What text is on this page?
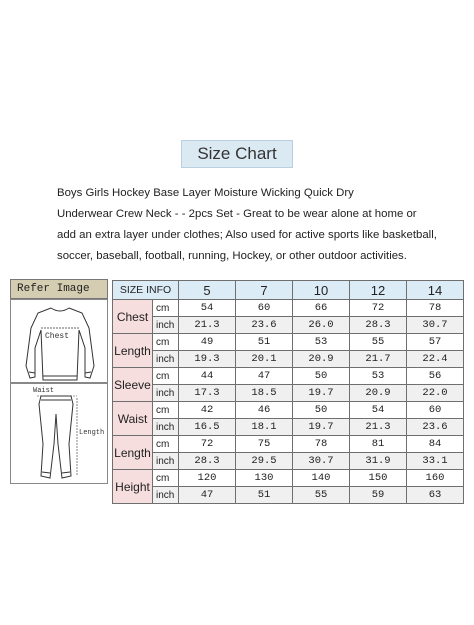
Size Chart
Boys Girls Hockey Base Layer Moisture Wicking Quick Dry
Underwear Crew Neck - - 2pcs Set - Great to be wear alone at home or
add an extra layer under clothes; Also used for active sports like basketball,
soccer, baseball, football, running, Hockey, or other outdoor activities.
Refer Image
Chest
Waist
Length
SIZE INFO		5	7	10	12	14
Chest	cm	54	60	66	72	78
	inch	21.3	23.6	26.0	28.3	30.7
Length	cm	49	51	53	55	57
	inch	19.3	20.1	20.9	21.7	22.4
Sleeve	cm	44	47	50	53	56
	inch	17.3	18.5	19.7	20.9	22.0
Waist	cm	42	46	50	54	60
	inch	16.5	18.1	19.7	21.3	23.6
Length	cm	72	75	78	81	84
	inch	28.3	29.5	30.7	31.9	33.1
Height	cm	120	130	140	150	160
	inch	47	51	55	59	63
